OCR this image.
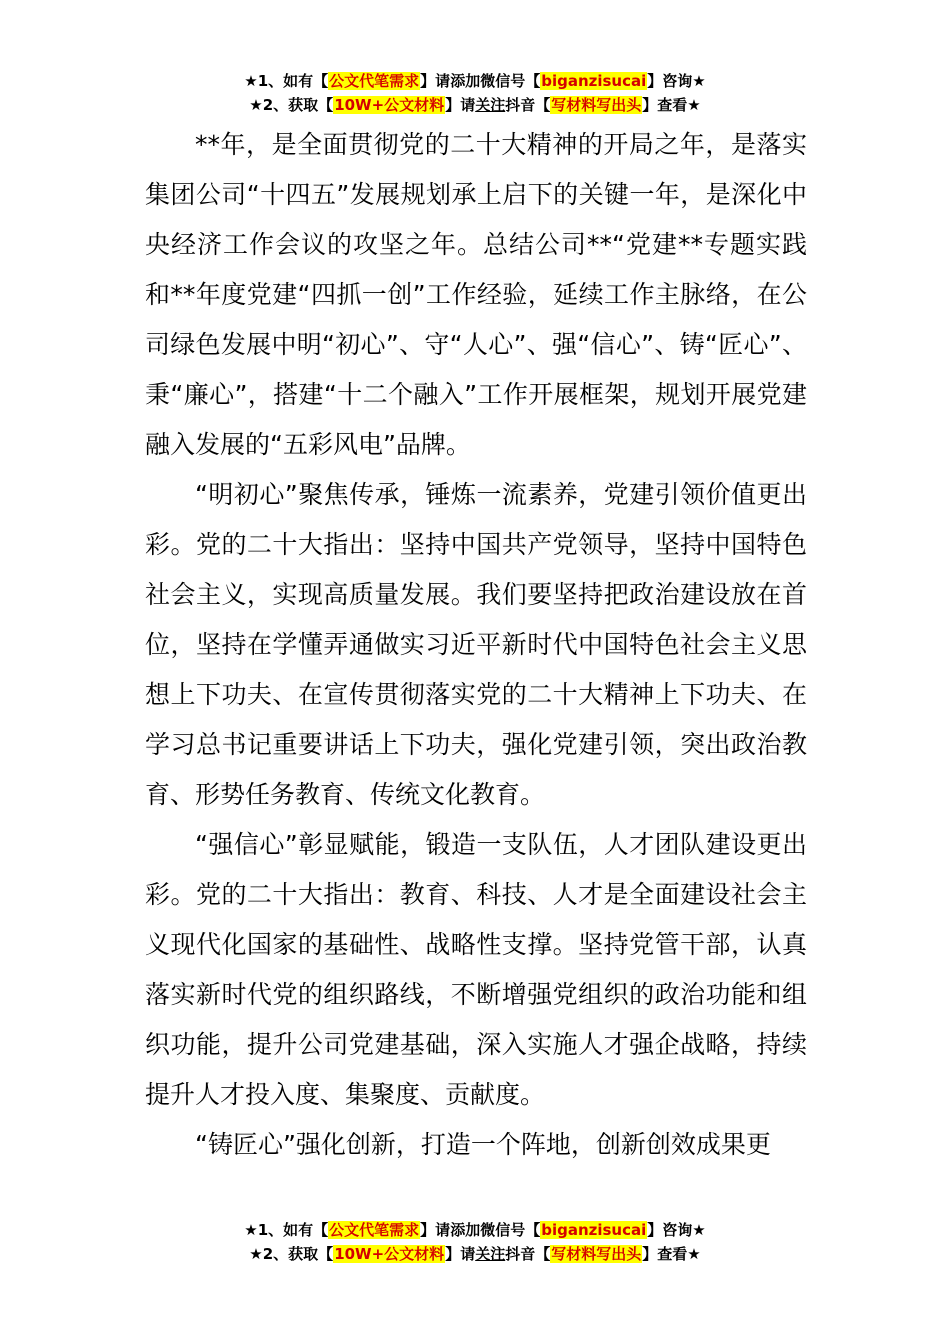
★1、如有【公文代笔需求】请添加微信号【biganzisucai】咨询★
★2、获取【10W+公文材料】请关注抖音【写材料写出头】查看★

**年，是全面贯彻党的二十大精神的开局之年，是落实集团公司“十四五”发展规划承上启下的关键一年，是深化中央经济工作会议的攻坚之年。总结公司**“党建**专题实践和**年度党建“四抓一创”工作经验，延续工作主脉络，在公司绿色发展中明“初心”、守“人心”、强“信心”、铸“匠心”、秉“廉心”，搭建“十二个融入”工作开展框架，规划开展党建融入发展的“五彩风电”品牌。

“明初心”聚焦传承，锤炼一流素养，党建引领价值更出彩。党的二十大指出：坚持中国共产党领导，坚持中国特色社会主义，实现高质量发展。我们要坚持把政治建设放在首位，坚持在学懂弄通做实习近平新时代中国特色社会主义思想上下功夫、在宣传贯彻落实党的二十大精神上下功夫、在学习总书记重要讲话上下功夫，强化党建引领，突出政治教育、形势任务教育、传统文化教育。

“强信心”彰显赋能，锻造一支队伍，人才团队建设更出彩。党的二十大指出：教育、科技、人才是全面建设社会主义现代化国家的基础性、战略性支撑。坚持党管干部，认真落实新时代党的组织路线，不断增强党组织的政治功能和组织功能，提升公司党建基础，深入实施人才强企战略，持续提升人才投入度、集聚度、贡献度。

“铸匠心”强化创新，打造一个阵地，创新创效成果更

★1、如有【公文代笔需求】请添加微信号【biganzisucai】咨询★
★2、获取【10W+公文材料】请关注抖音【写材料写出头】查看★
